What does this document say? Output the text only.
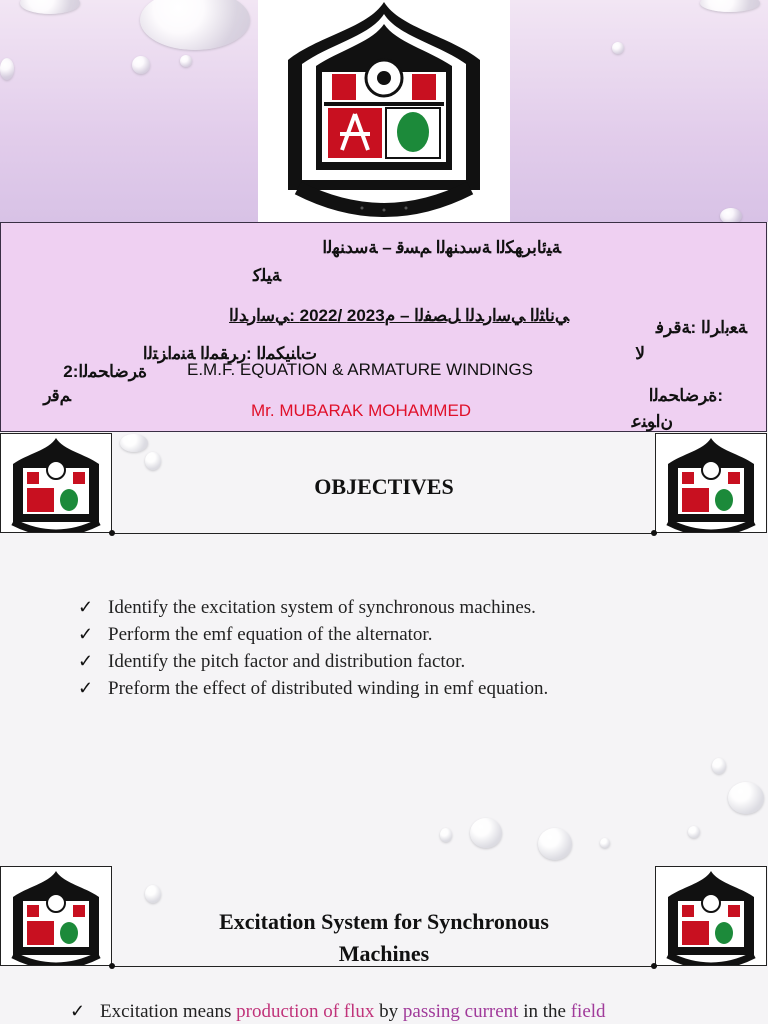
ﺔﻴﺋﺎﺑﺮﻬﻜﻟﺍ ﺔﺳﺪﻨﻬﻟﺍ ﻢﺴﻗ – ﺔﺳﺪﻨﻬﻟﺍ
ﺔﻴﻠﻛ
ﻲﻧﺎﺜﻟﺍ ﻲﺳﺍﺭﺪﻟﺍ ﻞﺼﻔﻟﺍ – ﻡ2023 /2022 :ﻲﺳﺍﺭﺪﻟﺍ
ﺔﻌﺑﺍﺮﻟﺍ :ﺔﻗﺮﻓ
ﻻ
ﺕﺎﻨﻴﻜﻤﻟﺍ :ﺭﺮﻘﻤﻟﺍ ﺔﻨﻣﺍﺰﺘﻟﺍ
ﺓﺮﺿﺎﺤﻤﻟﺍ:2
ﻢﻗﺭ
E.M.F. EQUATION & ARMATURE WINDINGS
:ﺓﺮﺿﺎﺤﻤﻟﺍ
ﻥﺍﻮﻨﻋ
Mr. MUBARAK MOHAMMED
OBJECTIVES
✓ Identify the excitation system of synchronous machines.
✓ Perform the emf equation of the alternator.
✓ Identify the pitch factor and distribution factor.
✓ Preform the effect of distributed winding in emf equation.
Excitation System for Synchronous
Machines
✓ Excitation means production of flux by passing current in the field
